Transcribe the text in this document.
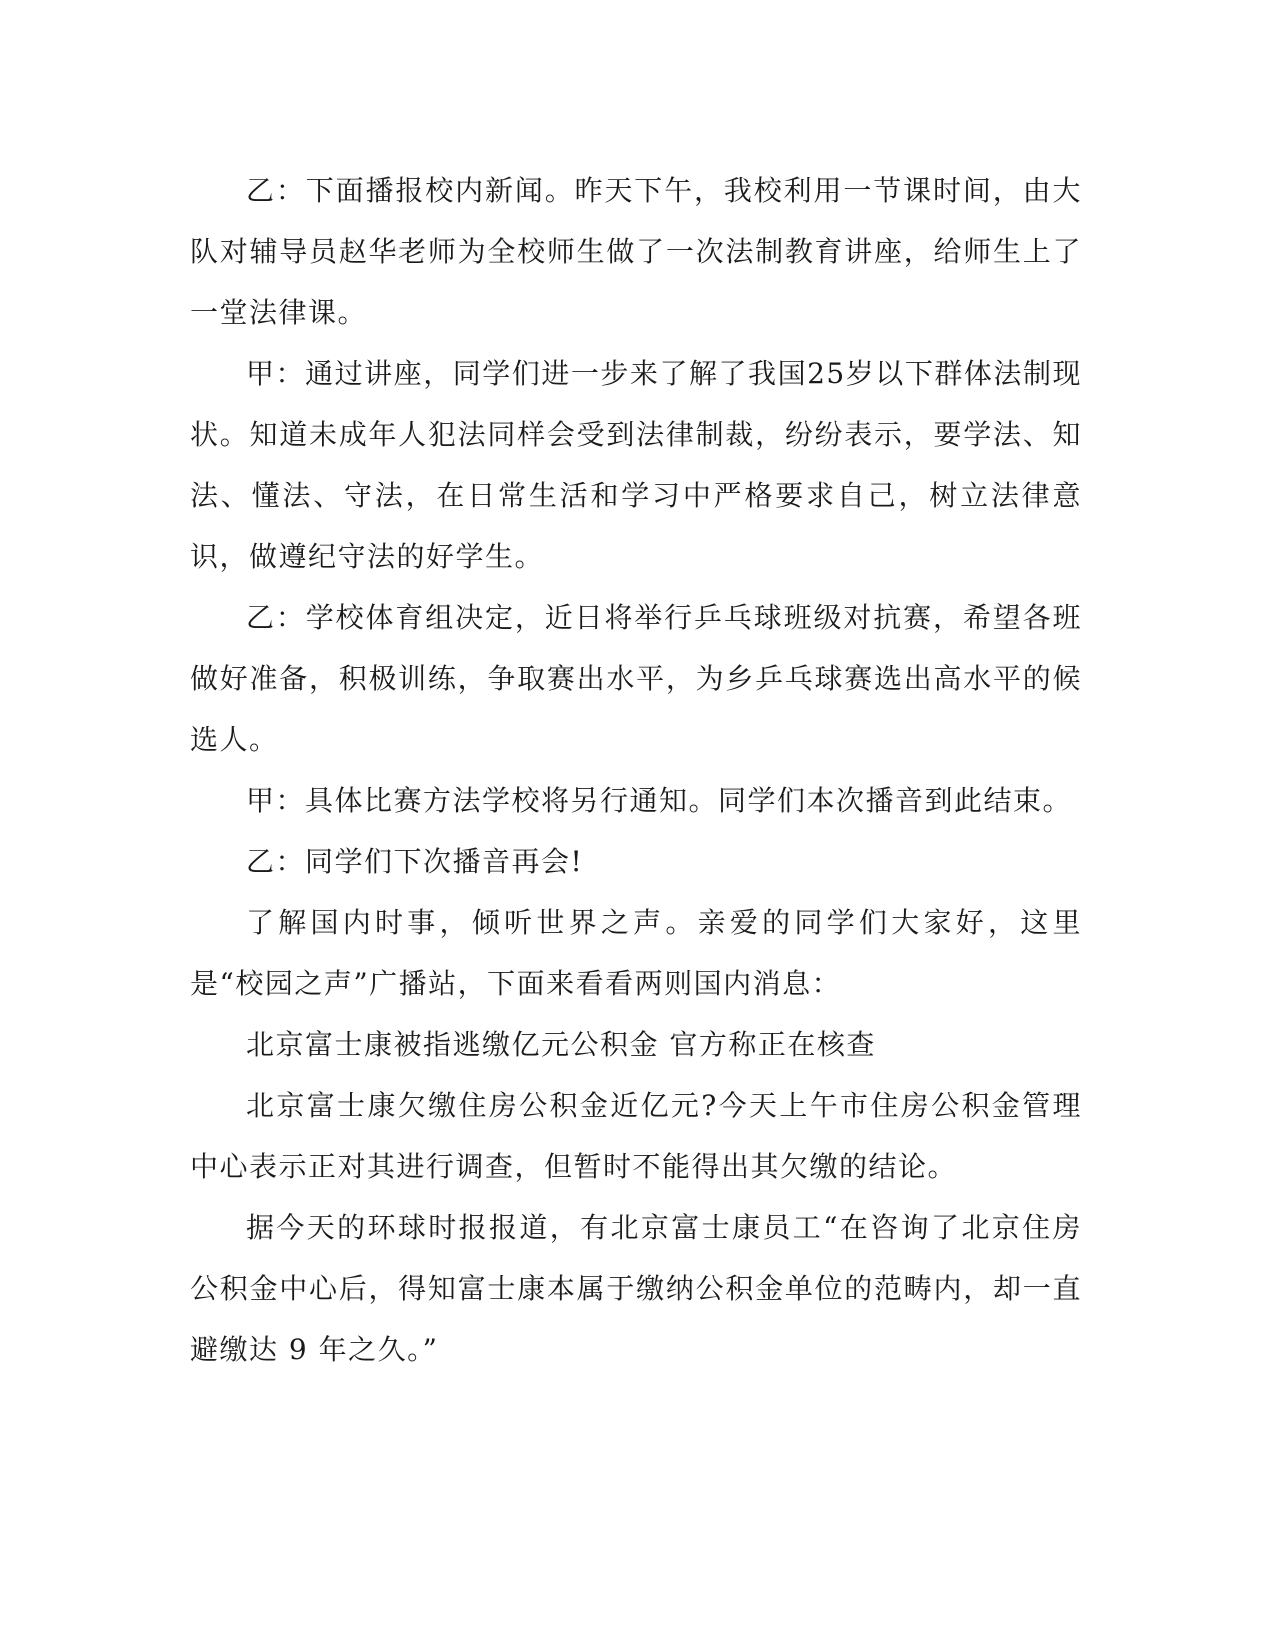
乙：下面播报校内新闻。昨天下午，我校利用一节课时间，由大队对辅导员赵华老师为全校师生做了一次法制教育讲座，给师生上了一堂法律课。

甲：通过讲座，同学们进一步来了解了我国25岁以下群体法制现状。知道未成年人犯法同样会受到法律制裁，纷纷表示，要学法、知法、懂法、守法，在日常生活和学习中严格要求自己，树立法律意识，做遵纪守法的好学生。

乙：学校体育组决定，近日将举行乒乓球班级对抗赛，希望各班做好准备，积极训练，争取赛出水平，为乡乒乓球赛选出高水平的候选人。

甲：具体比赛方法学校将另行通知。同学们本次播音到此结束。

乙：同学们下次播音再会!

了解国内时事，倾听世界之声。亲爱的同学们大家好，这里是“校园之声”广播站，下面来看看两则国内消息：

北京富士康被指逃缴亿元公积金 官方称正在核查

北京富士康欠缴住房公积金近亿元?今天上午市住房公积金管理中心表示正对其进行调查，但暂时不能得出其欠缴的结论。

据今天的环球时报报道，有北京富士康员工“在咨询了北京住房公积金中心后，得知富士康本属于缴纳公积金单位的范畴内，却一直避缴达 9 年之久。”
